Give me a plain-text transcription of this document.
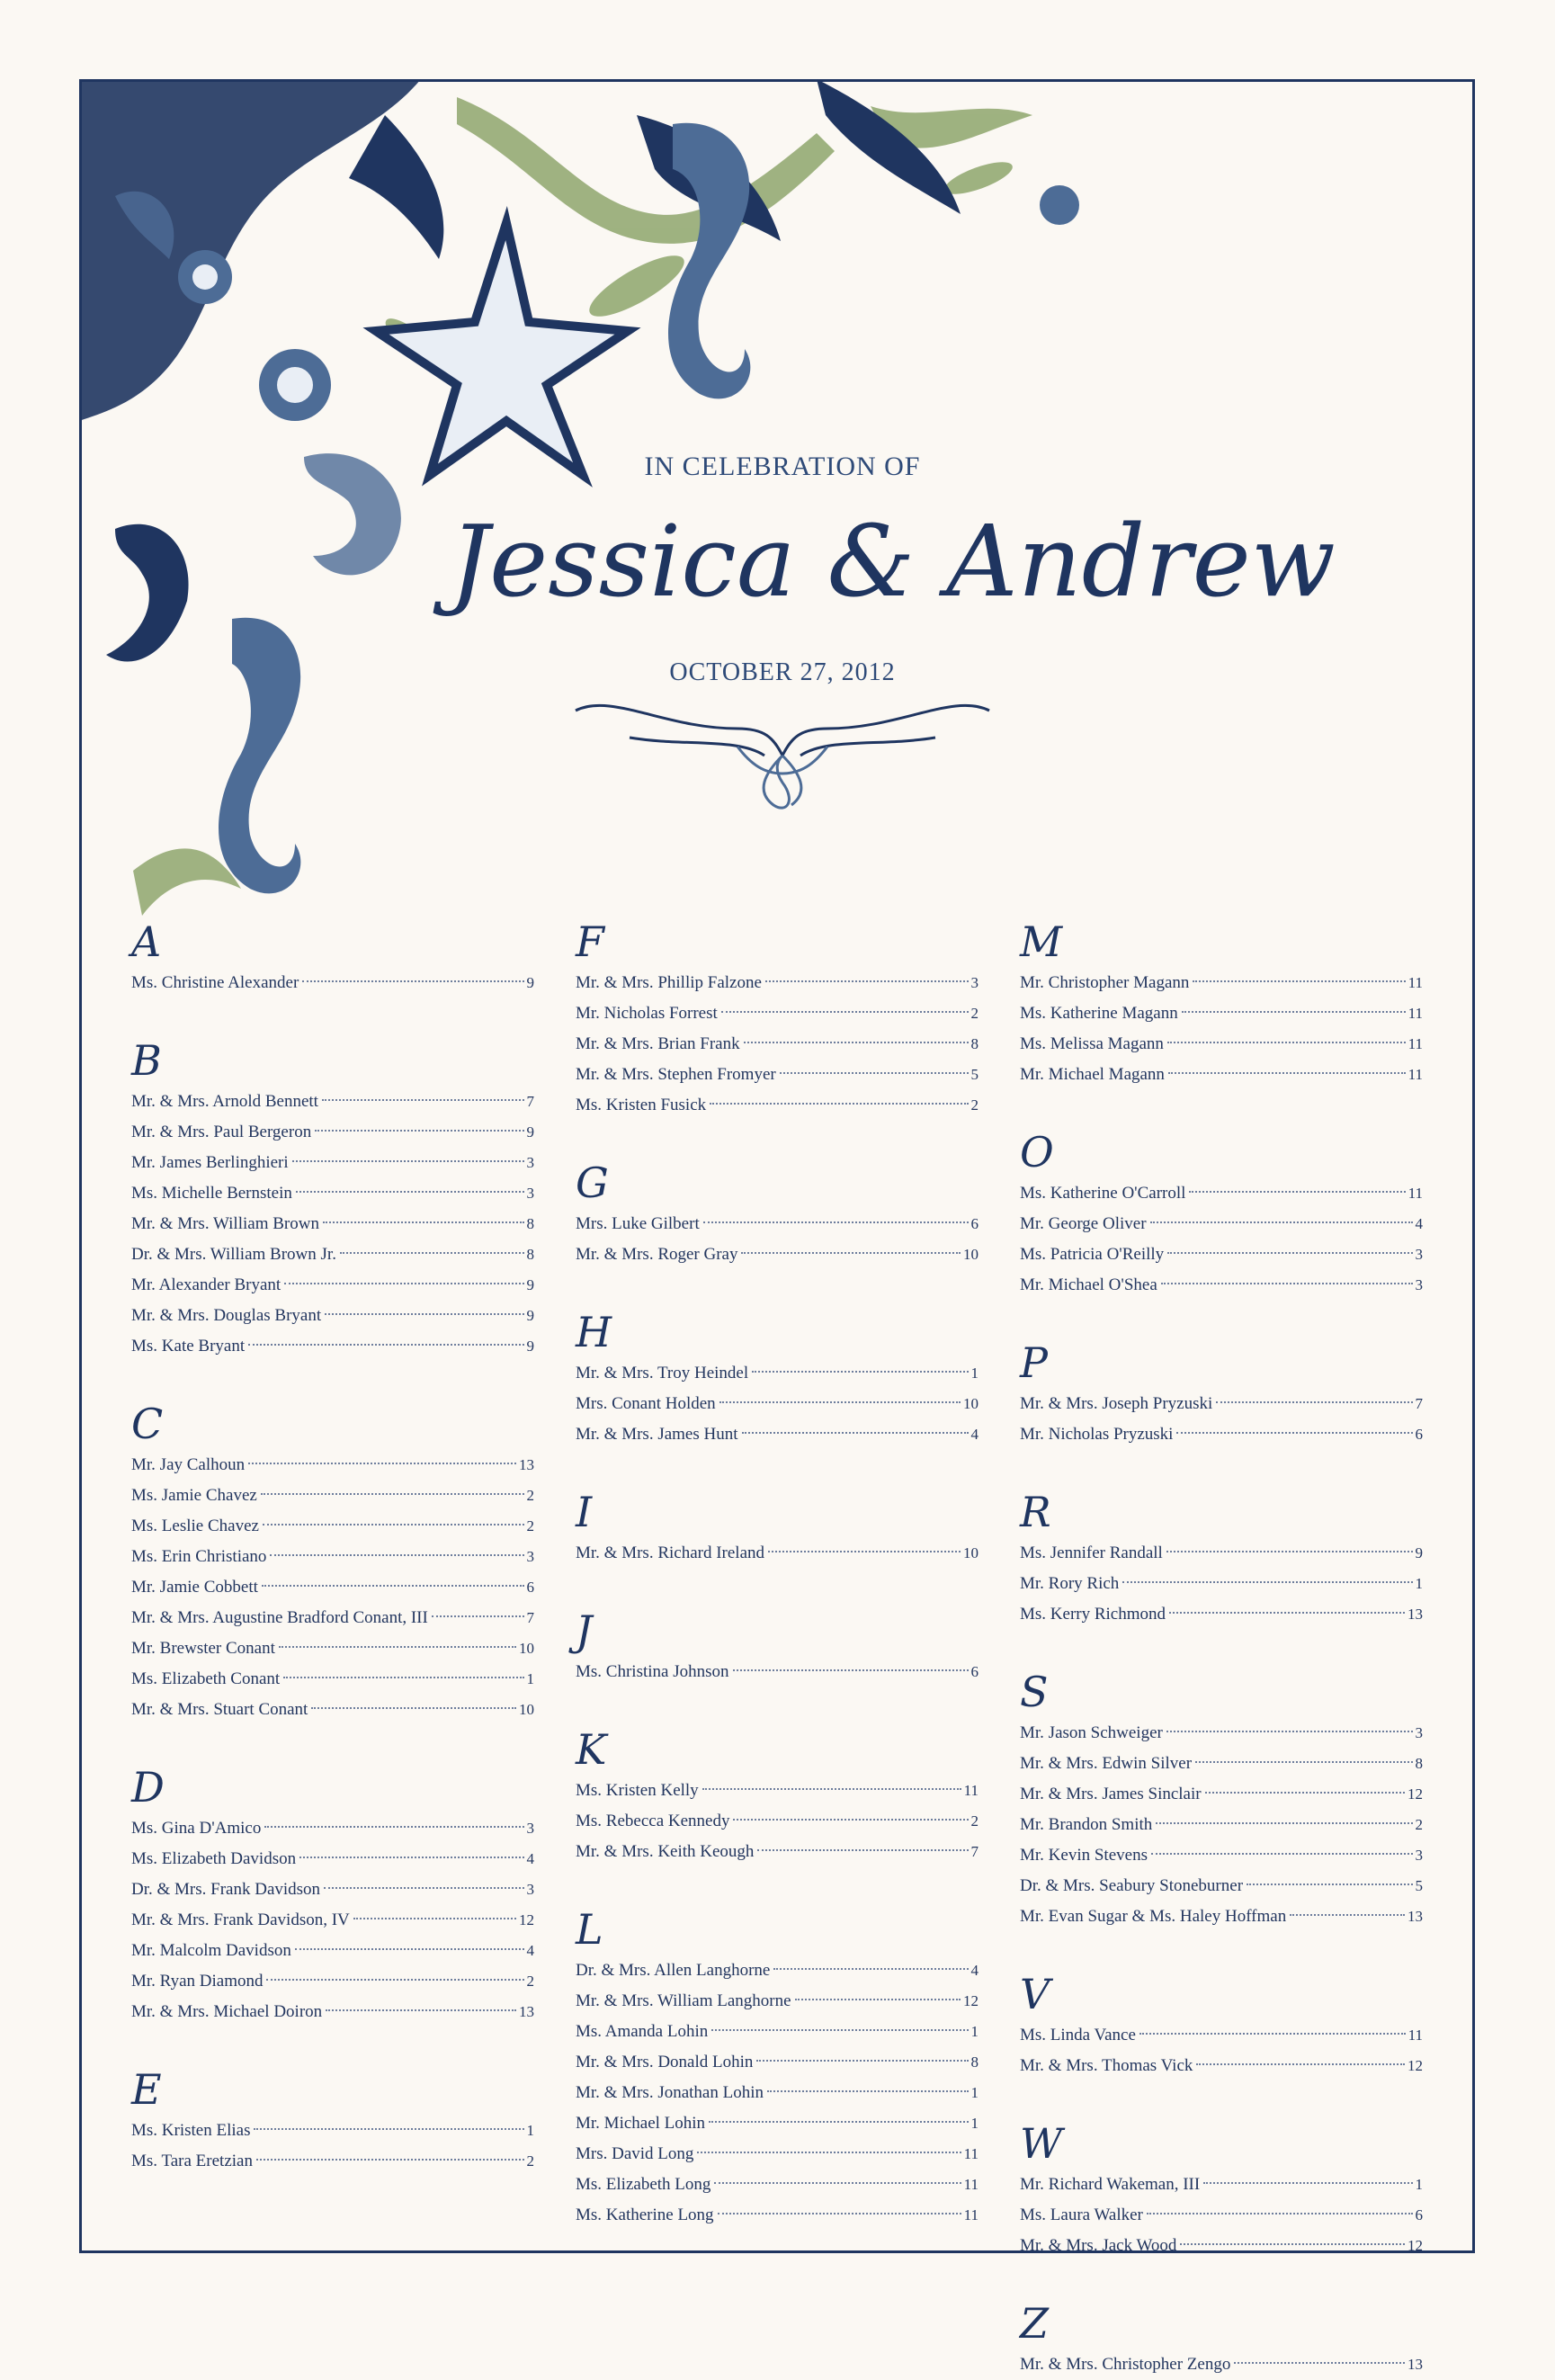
IN CELEBRATION OF
Jessica & Andrew
OCTOBER 27, 2012
A
Ms. Christine Alexander	9
B
Mr. & Mrs. Arnold Bennett	7
Mr. & Mrs. Paul Bergeron	9
Mr. James Berlinghieri	3
Ms. Michelle Bernstein	3
Mr. & Mrs. William Brown	8
Dr. & Mrs. William Brown Jr.	8
Mr. Alexander Bryant	9
Mr. & Mrs. Douglas Bryant	9
Ms. Kate Bryant	9
C
Mr. Jay Calhoun	13
Ms. Jamie Chavez	2
Ms. Leslie Chavez	2
Ms. Erin Christiano	3
Mr. Jamie Cobbett	6
Mr. & Mrs. Augustine Bradford Conant, III	7
Mr. Brewster Conant	10
Ms. Elizabeth Conant	1
Mr. & Mrs. Stuart Conant	10
D
Ms. Gina D'Amico	3
Ms. Elizabeth Davidson	4
Dr. & Mrs. Frank Davidson	3
Mr. & Mrs. Frank Davidson, IV	12
Mr. Malcolm Davidson	4
Mr. Ryan Diamond	2
Mr. & Mrs. Michael Doiron	13
E
Ms. Kristen Elias	1
Ms. Tara Eretzian	2
F
Mr. & Mrs. Phillip Falzone	3
Mr. Nicholas Forrest	2
Mr. & Mrs. Brian Frank	8
Mr. & Mrs. Stephen Fromyer	5
Ms. Kristen Fusick	2
G
Mrs. Luke Gilbert	6
Mr. & Mrs. Roger Gray	10
H
Mr. & Mrs. Troy Heindel	1
Mrs. Conant Holden	10
Mr. & Mrs. James Hunt	4
I
Mr. & Mrs. Richard Ireland	10
J
Ms. Christina Johnson	6
K
Ms. Kristen Kelly	11
Ms. Rebecca Kennedy	2
Mr. & Mrs. Keith Keough	7
L
Dr. & Mrs. Allen Langhorne	4
Mr. & Mrs. William Langhorne	12
Ms. Amanda Lohin	1
Mr. & Mrs. Donald Lohin	8
Mr. & Mrs. Jonathan Lohin	1
Mr. Michael Lohin	1
Mrs. David Long	11
Ms. Elizabeth Long	11
Ms. Katherine Long	11
M
Mr. Christopher Magann	11
Ms. Katherine Magann	11
Ms. Melissa Magann	11
Mr. Michael Magann	11
O
Ms. Katherine O'Carroll	11
Mr. George Oliver	4
Ms. Patricia O'Reilly	3
Mr. Michael O'Shea	3
P
Mr. & Mrs. Joseph Pryzuski	7
Mr. Nicholas Pryzuski	6
R
Ms. Jennifer Randall	9
Mr. Rory Rich	1
Ms. Kerry Richmond	13
S
Mr. Jason Schweiger	3
Mr. & Mrs. Edwin Silver	8
Mr. & Mrs. James Sinclair	12
Mr. Brandon Smith	2
Mr. Kevin Stevens	3
Dr. & Mrs. Seabury Stoneburner	5
Mr. Evan Sugar & Ms. Haley Hoffman	13
V
Ms. Linda Vance	11
Mr. & Mrs. Thomas Vick	12
W
Mr. Richard Wakeman, III	1
Ms. Laura Walker	6
Mr. & Mrs. Jack Wood	12
Z
Mr. & Mrs. Christopher Zengo	13
